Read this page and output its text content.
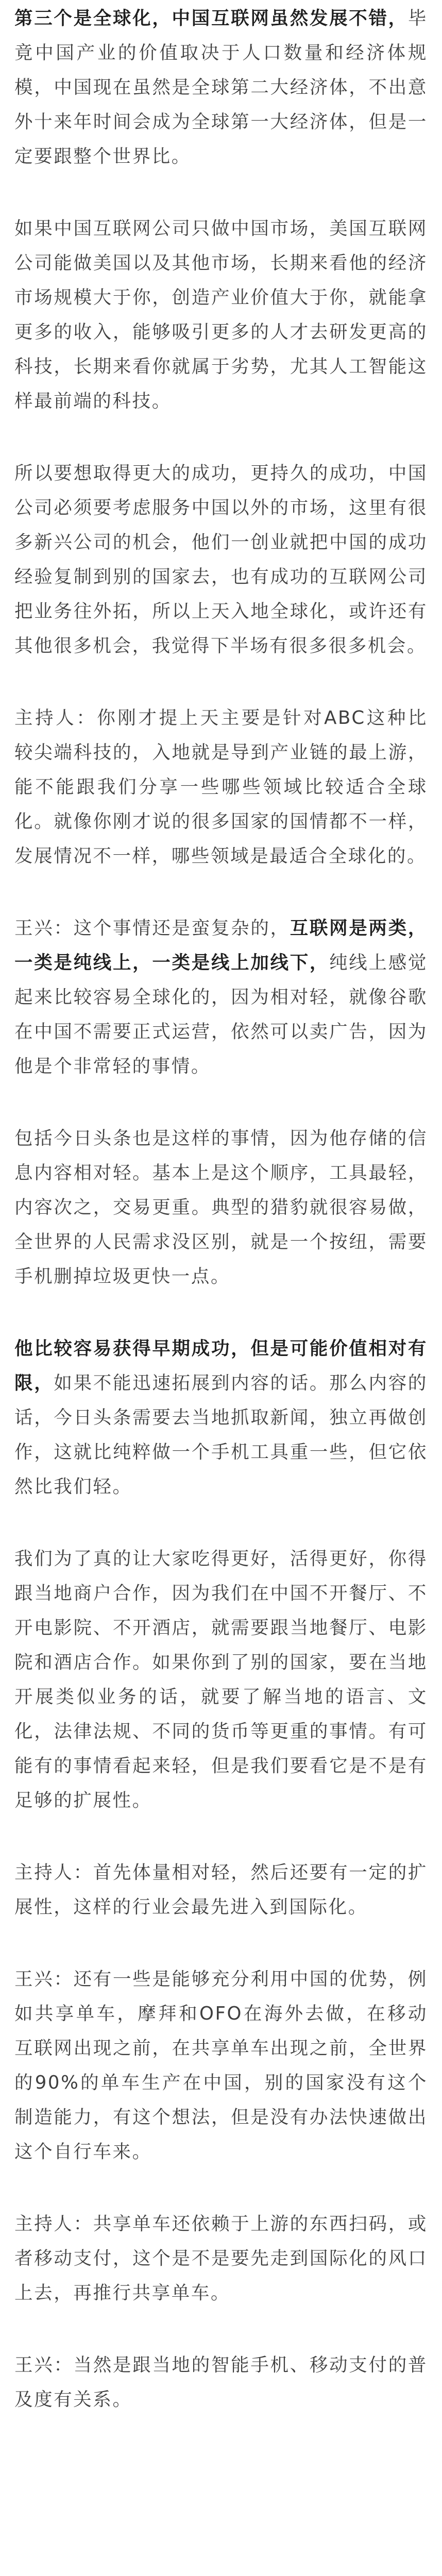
第三个是全球化，中国互联网虽然发展不错，毕竟中国产业的价值取决于人口数量和经济体规模，中国现在虽然是全球第二大经济体，不出意外十来年时间会成为全球第一大经济体，但是一定要跟整个世界比。

如果中国互联网公司只做中国市场，美国互联网公司能做美国以及其他市场，长期来看他的经济市场规模大于你，创造产业价值大于你，就能拿更多的收入，能够吸引更多的人才去研发更高的科技，长期来看你就属于劣势，尤其人工智能这样最前端的科技。

所以要想取得更大的成功，更持久的成功，中国公司必须要考虑服务中国以外的市场，这里有很多新兴公司的机会，他们一创业就把中国的成功经验复制到别的国家去，也有成功的互联网公司把业务往外拓，所以上天入地全球化，或许还有其他很多机会，我觉得下半场有很多很多机会。

主持人：你刚才提上天主要是针对ABC这种比较尖端科技的，入地就是导到产业链的最上游，能不能跟我们分享一些哪些领域比较适合全球化。就像你刚才说的很多国家的国情都不一样，发展情况不一样，哪些领域是最适合全球化的。

王兴：这个事情还是蛮复杂的，互联网是两类，一类是纯线上，一类是线上加线下，纯线上感觉起来比较容易全球化的，因为相对轻，就像谷歌在中国不需要正式运营，依然可以卖广告，因为他是个非常轻的事情。

包括今日头条也是这样的事情，因为他存储的信息内容相对轻。基本上是这个顺序，工具最轻，内容次之，交易更重。典型的猎豹就很容易做，全世界的人民需求没区别，就是一个按纽，需要手机删掉垃圾更快一点。

他比较容易获得早期成功，但是可能价值相对有限，如果不能迅速拓展到内容的话。那么内容的话，今日头条需要去当地抓取新闻，独立再做创作，这就比纯粹做一个手机工具重一些，但它依然比我们轻。

我们为了真的让大家吃得更好，活得更好，你得跟当地商户合作，因为我们在中国不开餐厅、不开电影院、不开酒店，就需要跟当地餐厅、电影院和酒店合作。如果你到了别的国家，要在当地开展类似业务的话，就要了解当地的语言、文化，法律法规、不同的货币等更重的事情。有可能有的事情看起来轻，但是我们要看它是不是有足够的扩展性。

主持人：首先体量相对轻，然后还要有一定的扩展性，这样的行业会最先进入到国际化。

王兴：还有一些是能够充分利用中国的优势，例如共享单车，摩拜和OFO在海外去做，在移动互联网出现之前，在共享单车出现之前，全世界的90%的单车生产在中国，别的国家没有这个制造能力，有这个想法，但是没有办法快速做出这个自行车来。

主持人：共享单车还依赖于上游的东西扫码，或者移动支付，这个是不是要先走到国际化的风口上去，再推行共享单车。

王兴：当然是跟当地的智能手机、移动支付的普及度有关系。
